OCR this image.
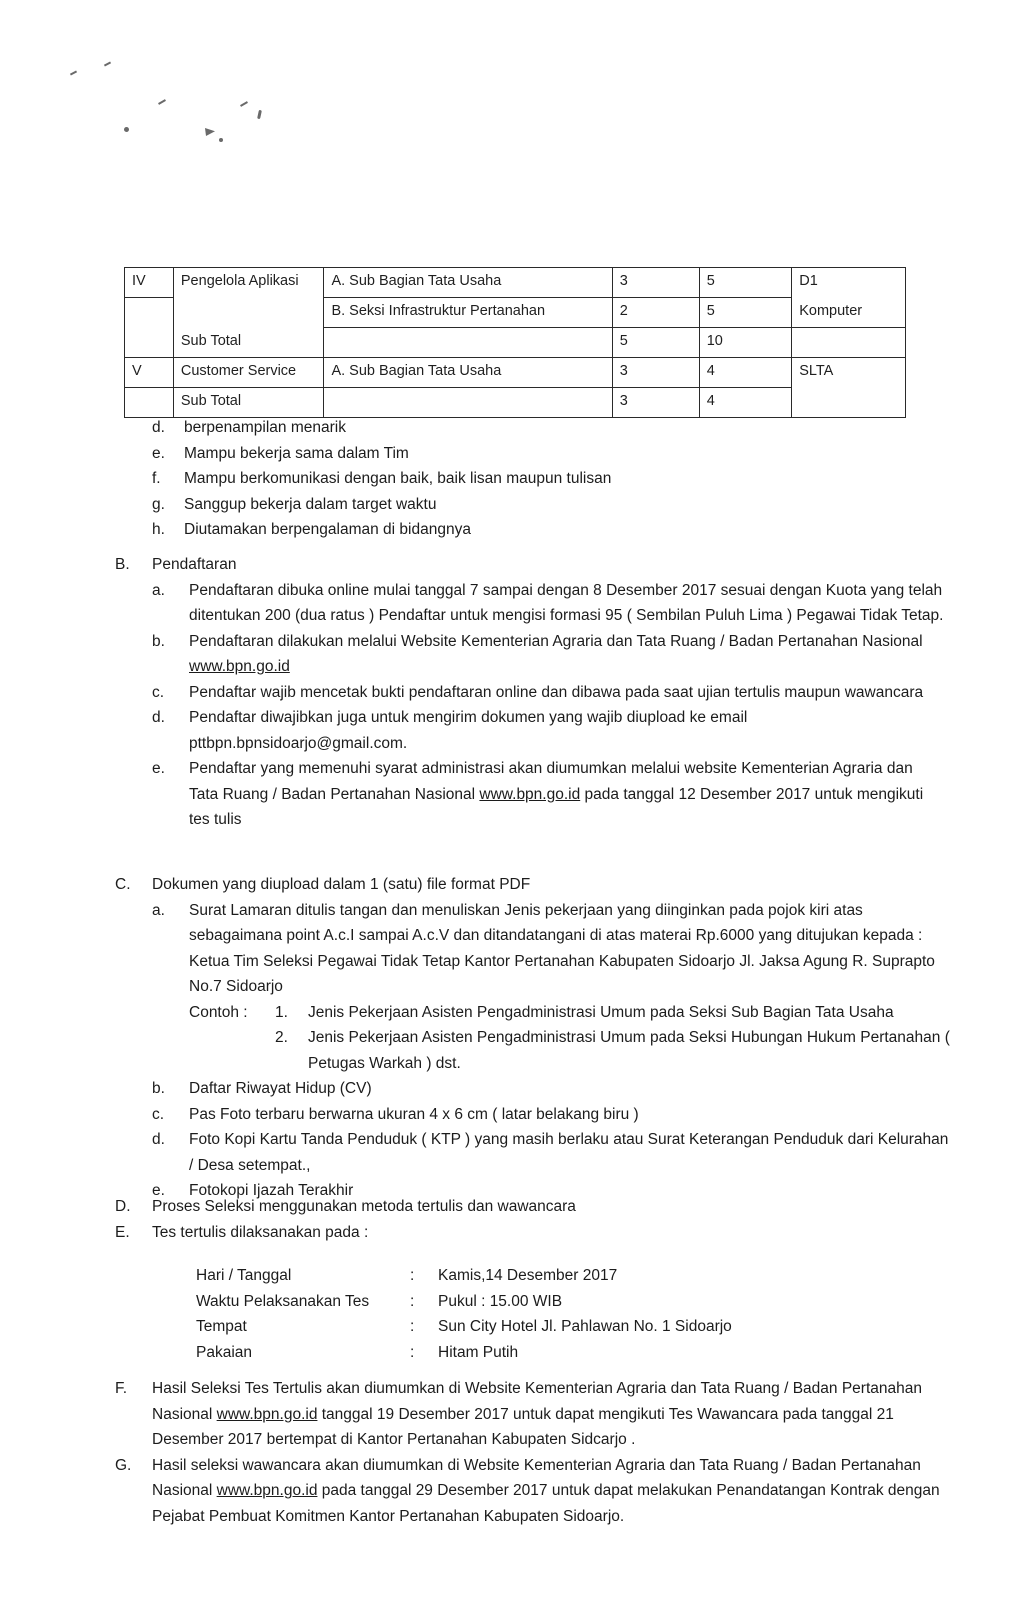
IV	Pengelola Aplikasi	A. Sub Bagian Tata Usaha	3	5	D1
		B. Seksi Infrastruktur Pertanahan	2	5	Komputer
	Sub Total		5	10	
V	Customer Service	A. Sub Bagian Tata Usaha	3	4	SLTA
	Sub Total		3	4	
d.	berpenampilan menarik
e.	Mampu bekerja sama dalam Tim
f.	Mampu berkomunikasi dengan baik, baik lisan maupun tulisan
g.	Sanggup bekerja dalam target waktu
h.	Diutamakan berpengalaman di bidangnya
B.	Pendaftaran
a.	Pendaftaran dibuka online mulai tanggal 7 sampai dengan 8 Desember 2017 sesuai dengan Kuota yang telah ditentukan 200 (dua ratus ) Pendaftar untuk mengisi formasi 95 ( Sembilan Puluh Lima ) Pegawai Tidak Tetap.
b.	Pendaftaran dilakukan melalui Website Kementerian Agraria dan Tata Ruang / Badan Pertanahan Nasional www.bpn.go.id
c.	Pendaftar wajib mencetak bukti pendaftaran online dan dibawa pada saat ujian tertulis maupun wawancara
d.	Pendaftar diwajibkan juga untuk mengirim dokumen yang wajib diupload ke email pttbpn.bpnsidoarjo@gmail.com.
e.	Pendaftar yang memenuhi syarat administrasi akan diumumkan melalui website Kementerian Agraria dan Tata Ruang / Badan Pertanahan Nasional www.bpn.go.id pada tanggal 12 Desember 2017 untuk mengikuti tes tulis
C.	Dokumen yang diupload dalam 1 (satu) file format PDF
a.	Surat Lamaran ditulis tangan dan menuliskan Jenis pekerjaan yang diinginkan pada pojok kiri atas sebagaimana point A.c.I sampai A.c.V dan ditandatangani di atas materai Rp.6000 yang ditujukan kepada : Ketua Tim Seleksi Pegawai Tidak Tetap Kantor Pertanahan Kabupaten Sidoarjo Jl. Jaksa Agung R. Suprapto No.7 Sidoarjo
Contoh :	1.	Jenis Pekerjaan Asisten Pengadministrasi Umum pada Seksi Sub Bagian Tata Usaha
2.	Jenis Pekerjaan Asisten Pengadministrasi Umum pada Seksi Hubungan Hukum Pertanahan ( Petugas Warkah ) dst.
b.	Daftar Riwayat Hidup (CV)
c.	Pas Foto terbaru berwarna ukuran 4 x 6 cm ( latar belakang biru )
d.	Foto Kopi Kartu Tanda Penduduk ( KTP ) yang masih berlaku atau Surat Keterangan Penduduk dari Kelurahan / Desa setempat.,
e.	Fotokopi Ijazah Terakhir
D.	Proses Seleksi menggunakan metoda tertulis dan wawancara
E.	Tes tertulis dilaksanakan pada :
Hari / Tanggal	:	Kamis,14 Desember 2017
Waktu Pelaksanakan Tes	:	Pukul : 15.00 WIB
Tempat	:	Sun City Hotel Jl. Pahlawan No. 1 Sidoarjo
Pakaian	:	Hitam Putih
F.	Hasil Seleksi Tes Tertulis akan diumumkan di Website Kementerian Agraria dan Tata Ruang / Badan Pertanahan Nasional www.bpn.go.id tanggal 19 Desember 2017 untuk dapat mengikuti Tes Wawancara pada tanggal 21 Desember 2017 bertempat di Kantor Pertanahan Kabupaten Sidcarjo .
G.	Hasil seleksi wawancara akan diumumkan di Website Kementerian Agraria dan Tata Ruang / Badan Pertanahan Nasional www.bpn.go.id pada tanggal 29 Desember 2017 untuk dapat melakukan Penandatangan Kontrak dengan Pejabat Pembuat Komitmen Kantor Pertanahan Kabupaten Sidoarjo.
